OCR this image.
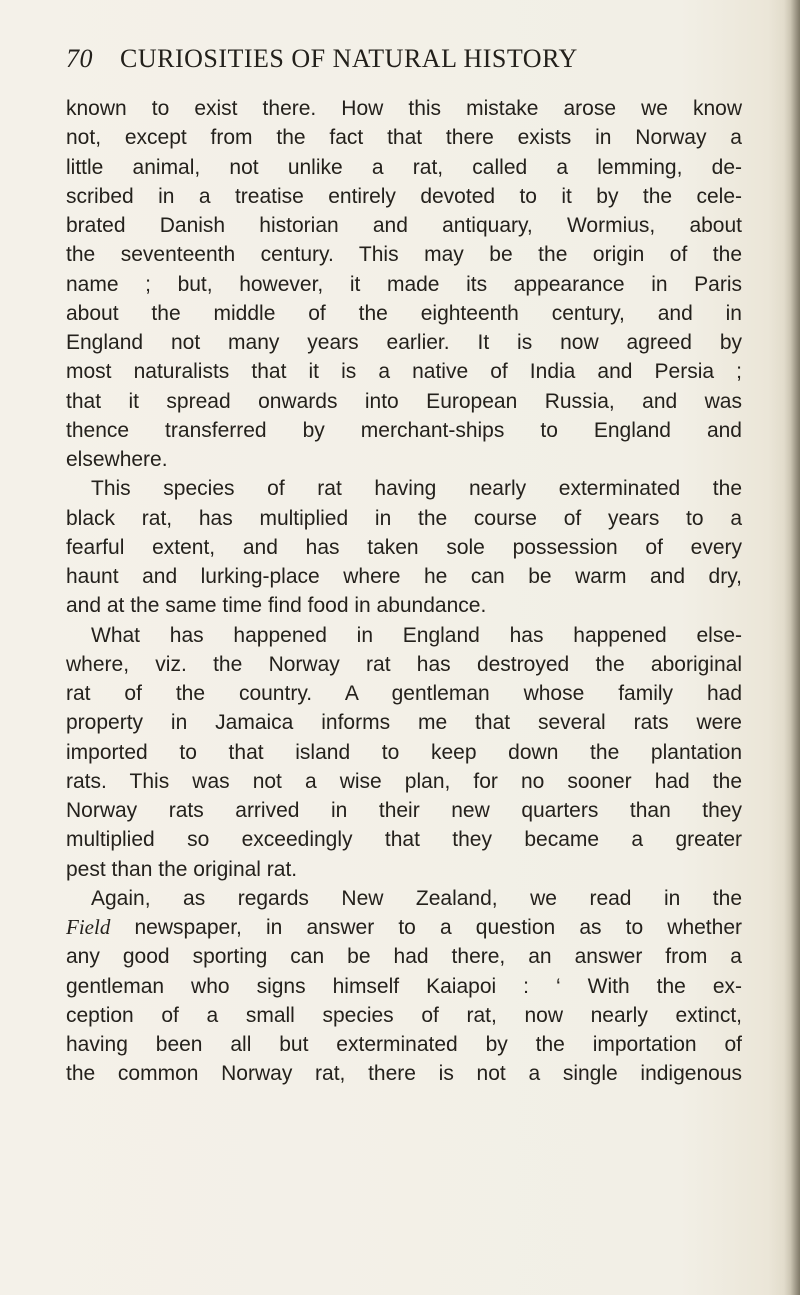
70 CURIOSITIES OF NATURAL HISTORY
known to exist there. How this mistake arose we know
not, except from the fact that there exists in Norway a
little animal, not unlike a rat, called a lemming, de-
scribed in a treatise entirely devoted to it by the cele-
brated Danish historian and antiquary, Wormius, about
the seventeenth century. This may be the origin of the
name ; but, however, it made its appearance in Paris
about the middle of the eighteenth century, and in
England not many years earlier. It is now agreed by
most naturalists that it is a native of India and Persia ;
that it spread onwards into European Russia, and was
thence transferred by merchant-ships to England and
elsewhere.
This species of rat having nearly exterminated the
black rat, has multiplied in the course of years to a
fearful extent, and has taken sole possession of every
haunt and lurking-place where he can be warm and dry,
and at the same time find food in abundance.
What has happened in England has happened else-
where, viz. the Norway rat has destroyed the aboriginal
rat of the country. A gentleman whose family had
property in Jamaica informs me that several rats were
imported to that island to keep down the plantation
rats. This was not a wise plan, for no sooner had the
Norway rats arrived in their new quarters than they
multiplied so exceedingly that they became a greater
pest than the original rat.
Again, as regards New Zealand, we read in the
Field newspaper, in answer to a question as to whether
any good sporting can be had there, an answer from a
gentleman who signs himself Kaiapoi : ‘ With the ex-
ception of a small species of rat, now nearly extinct,
having been all but exterminated by the importation of
the common Norway rat, there is not a single indigenous
